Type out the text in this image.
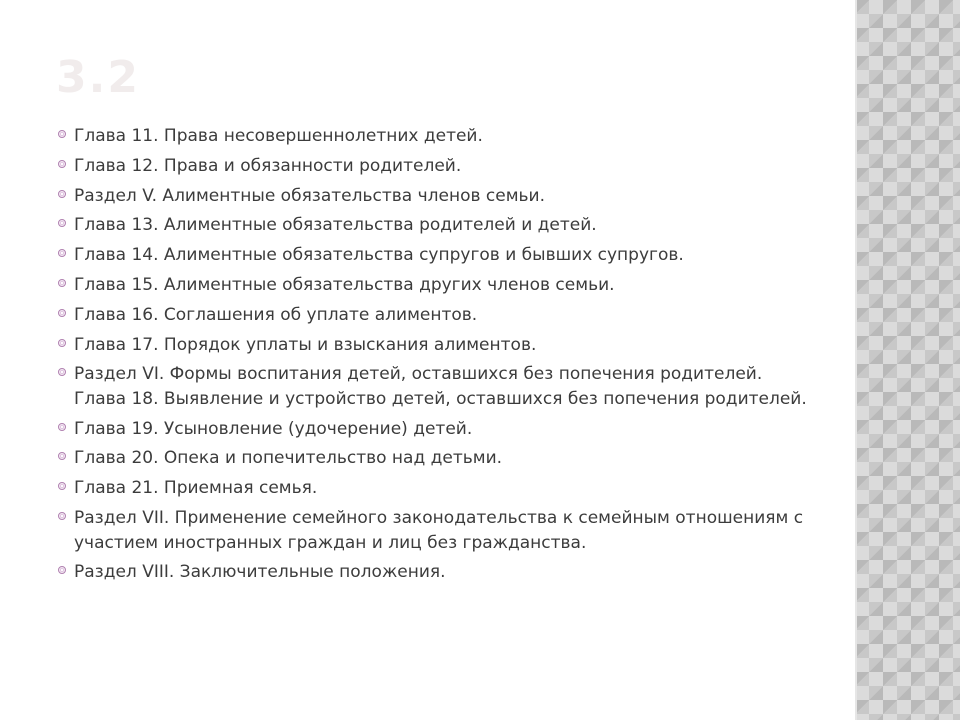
3.2
Глава 11. Права несовершеннолетних детей.
Глава 12. Права и обязанности родителей.
Раздел V. Алиментные обязательства членов семьи.
Глава 13. Алиментные обязательства родителей и детей.
Глава 14. Алиментные обязательства супругов и бывших супругов.
Глава 15. Алиментные обязательства других членов семьи.
Глава 16. Соглашения об уплате алиментов.
Глава 17. Порядок уплаты и взыскания алиментов.
Раздел VI. Формы воспитания детей, оставшихся без попечения родителей. Глава 18. Выявление и устройство детей, оставшихся без попечения родителей.
Глава 19. Усыновление (удочерение) детей.
Глава 20. Опека и попечительство над детьми.
Глава 21. Приемная семья.
Раздел VII. Применение семейного законодательства к семейным отношениям с участием иностранных граждан и лиц без гражданства.
Раздел VIII. Заключительные положения.
